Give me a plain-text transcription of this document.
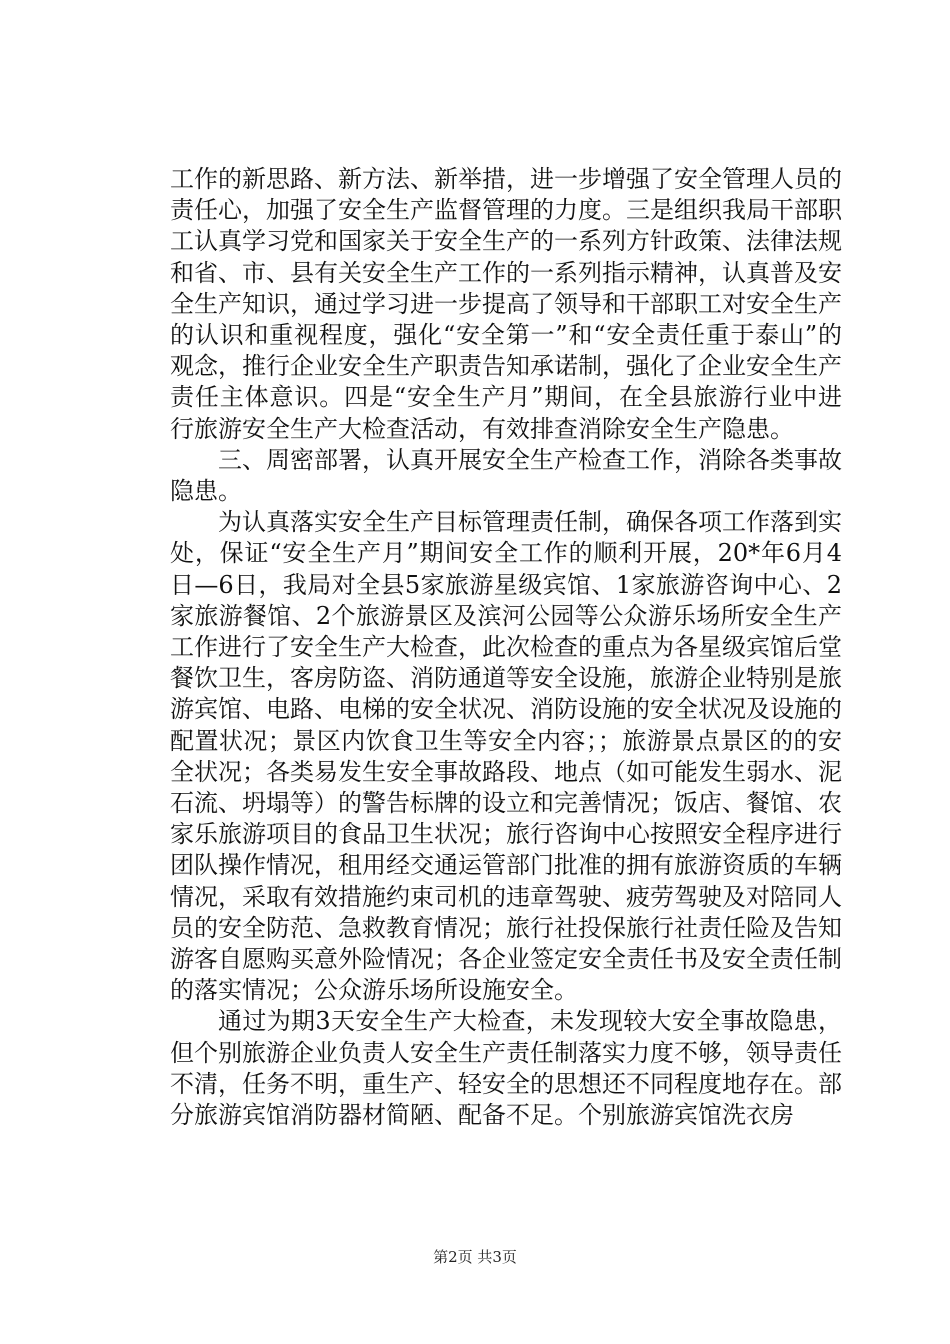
工作的新思路、新方法、新举措，进一步增强了安全管理人员的责任心，加强了安全生产监督管理的力度。三是组织我局干部职工认真学习党和国家关于安全生产的一系列方针政策、法律法规和省、市、县有关安全生产工作的一系列指示精神，认真普及安全生产知识，通过学习进一步提高了领导和干部职工对安全生产的认识和重视程度，强化“安全第一”和“安全责任重于泰山”的观念，推行企业安全生产职责告知承诺制，强化了企业安全生产责任主体意识。四是“安全生产月”期间，在全县旅游行业中进行旅游安全生产大检查活动，有效排查消除安全生产隐患。

三、周密部署，认真开展安全生产检查工作，消除各类事故隐患。

为认真落实安全生产目标管理责任制，确保各项工作落到实处，保证“安全生产月”期间安全工作的顺利开展，20*年6月4日—6日，我局对全县5家旅游星级宾馆、1家旅游咨询中心、2家旅游餐馆、2个旅游景区及滨河公园等公众游乐场所安全生产工作进行了安全生产大检查，此次检查的重点为各星级宾馆后堂餐饮卫生，客房防盗、消防通道等安全设施，旅游企业特别是旅游宾馆、电路、电梯的安全状况、消防设施的安全状况及设施的配置状况；景区内饮食卫生等安全内容；；旅游景点景区的的安全状况；各类易发生安全事故路段、地点（如可能发生弱水、泥石流、坍塌等）的警告标牌的设立和完善情况；饭店、餐馆、农家乐旅游项目的食品卫生状况；旅行咨询中心按照安全程序进行团队操作情况，租用经交通运管部门批准的拥有旅游资质的车辆情况，采取有效措施约束司机的违章驾驶、疲劳驾驶及对陪同人员的安全防范、急救教育情况；旅行社投保旅行社责任险及告知游客自愿购买意外险情况；各企业签定安全责任书及安全责任制的落实情况；公众游乐场所设施安全。

通过为期3天安全生产大检查，未发现较大安全事故隐患，但个别旅游企业负责人安全生产责任制落实力度不够，领导责任不清，任务不明，重生产、轻安全的思想还不同程度地存在。部分旅游宾馆消防器材简陋、配备不足。个别旅游宾馆洗衣房

第2页 共3页
